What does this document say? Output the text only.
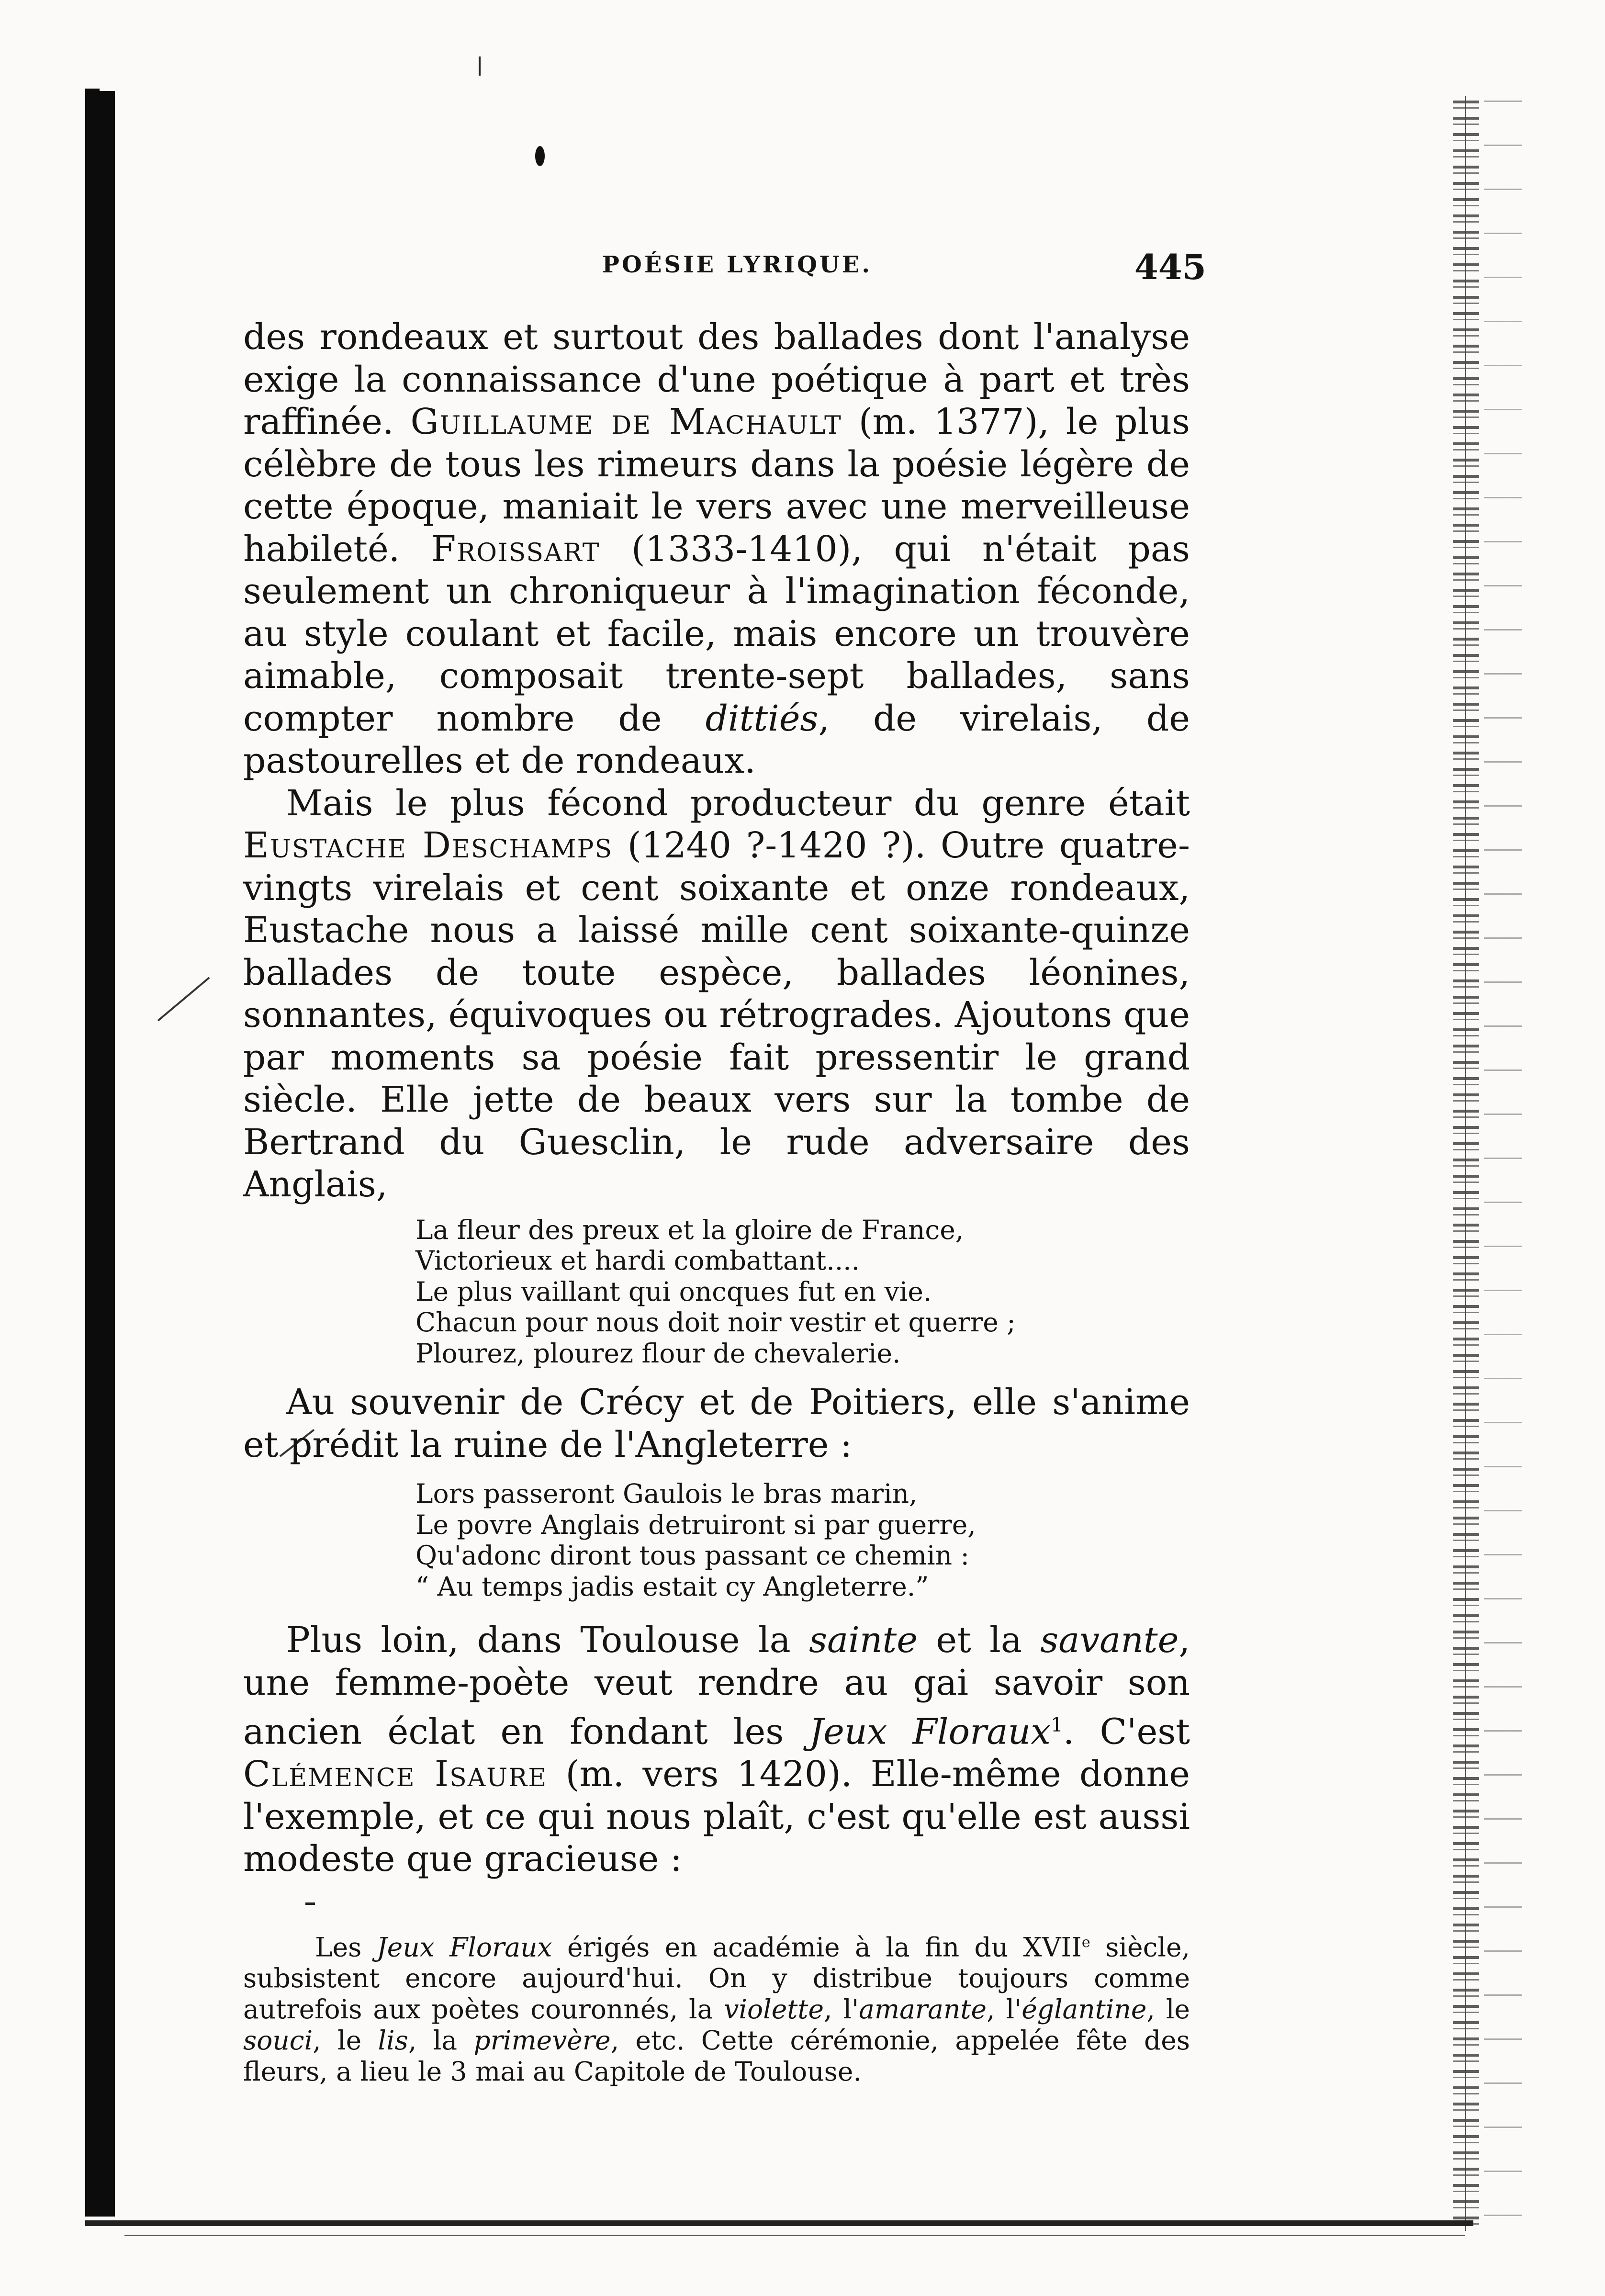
POÉSIE LYRIQUE.	445

des rondeaux et surtout des ballades dont l'analyse exige la connaissance d'une poétique à part et très raffinée. Guillaume de Machault (m. 1377), le plus célèbre de tous les rimeurs dans la poésie légère de cette époque, maniait le vers avec une merveilleuse habileté. Froissart (1333-1410), qui n'était pas seulement un chroniqueur à l'imagination féconde, au style coulant et facile, mais encore un trouvère aimable, composait trente-sept ballades, sans compter nombre de dittiés, de virelais, de pastourelles et de rondeaux.

Mais le plus fécond producteur du genre était Eustache Deschamps (1240 ?-1420 ?). Outre quatre-vingts virelais et cent soixante et onze rondeaux, Eustache nous a laissé mille cent soixante-quinze ballades de toute espèce, ballades léonines, sonnantes, équivoques ou rétrogrades. Ajoutons que par moments sa poésie fait pressentir le grand siècle. Elle jette de beaux vers sur la tombe de Bertrand du Guesclin, le rude adversaire des Anglais,

La fleur des preux et la gloire de France,

Victorieux et hardi combattant....

Le plus vaillant qui oncques fut en vie.

Chacun pour nous doit noir vestir et querre ;

Plourez, plourez flour de chevalerie.

Au souvenir de Crécy et de Poitiers, elle s'anime et prédit la ruine de l'Angleterre :

Lors passeront Gaulois le bras marin,

Le povre Anglais detruiront si par guerre,

Qu'adonc diront tous passant ce chemin :

“ Au temps jadis estait cy Angleterre.”

Plus loin, dans Toulouse la sainte et la savante, une femme-poète veut rendre au gai savoir son ancien éclat en fondant les Jeux Floraux$^1$. C'est Clémence Isaure (m. vers 1420). Elle-même donne l'exemple, et ce qui nous plaît, c'est qu'elle est aussi modeste que gracieuse :

Les Jeux Floraux érigés en académie à la fin du XVIIe siècle, subsistent encore aujourd'hui. On y distribue toujours comme autrefois aux poètes couronnés, la violette, l'amarante, l'églantine, le souci, le lis, la primevère, etc. Cette cérémonie, appelée fête des fleurs, a lieu le 3 mai au Capitole de Toulouse.
